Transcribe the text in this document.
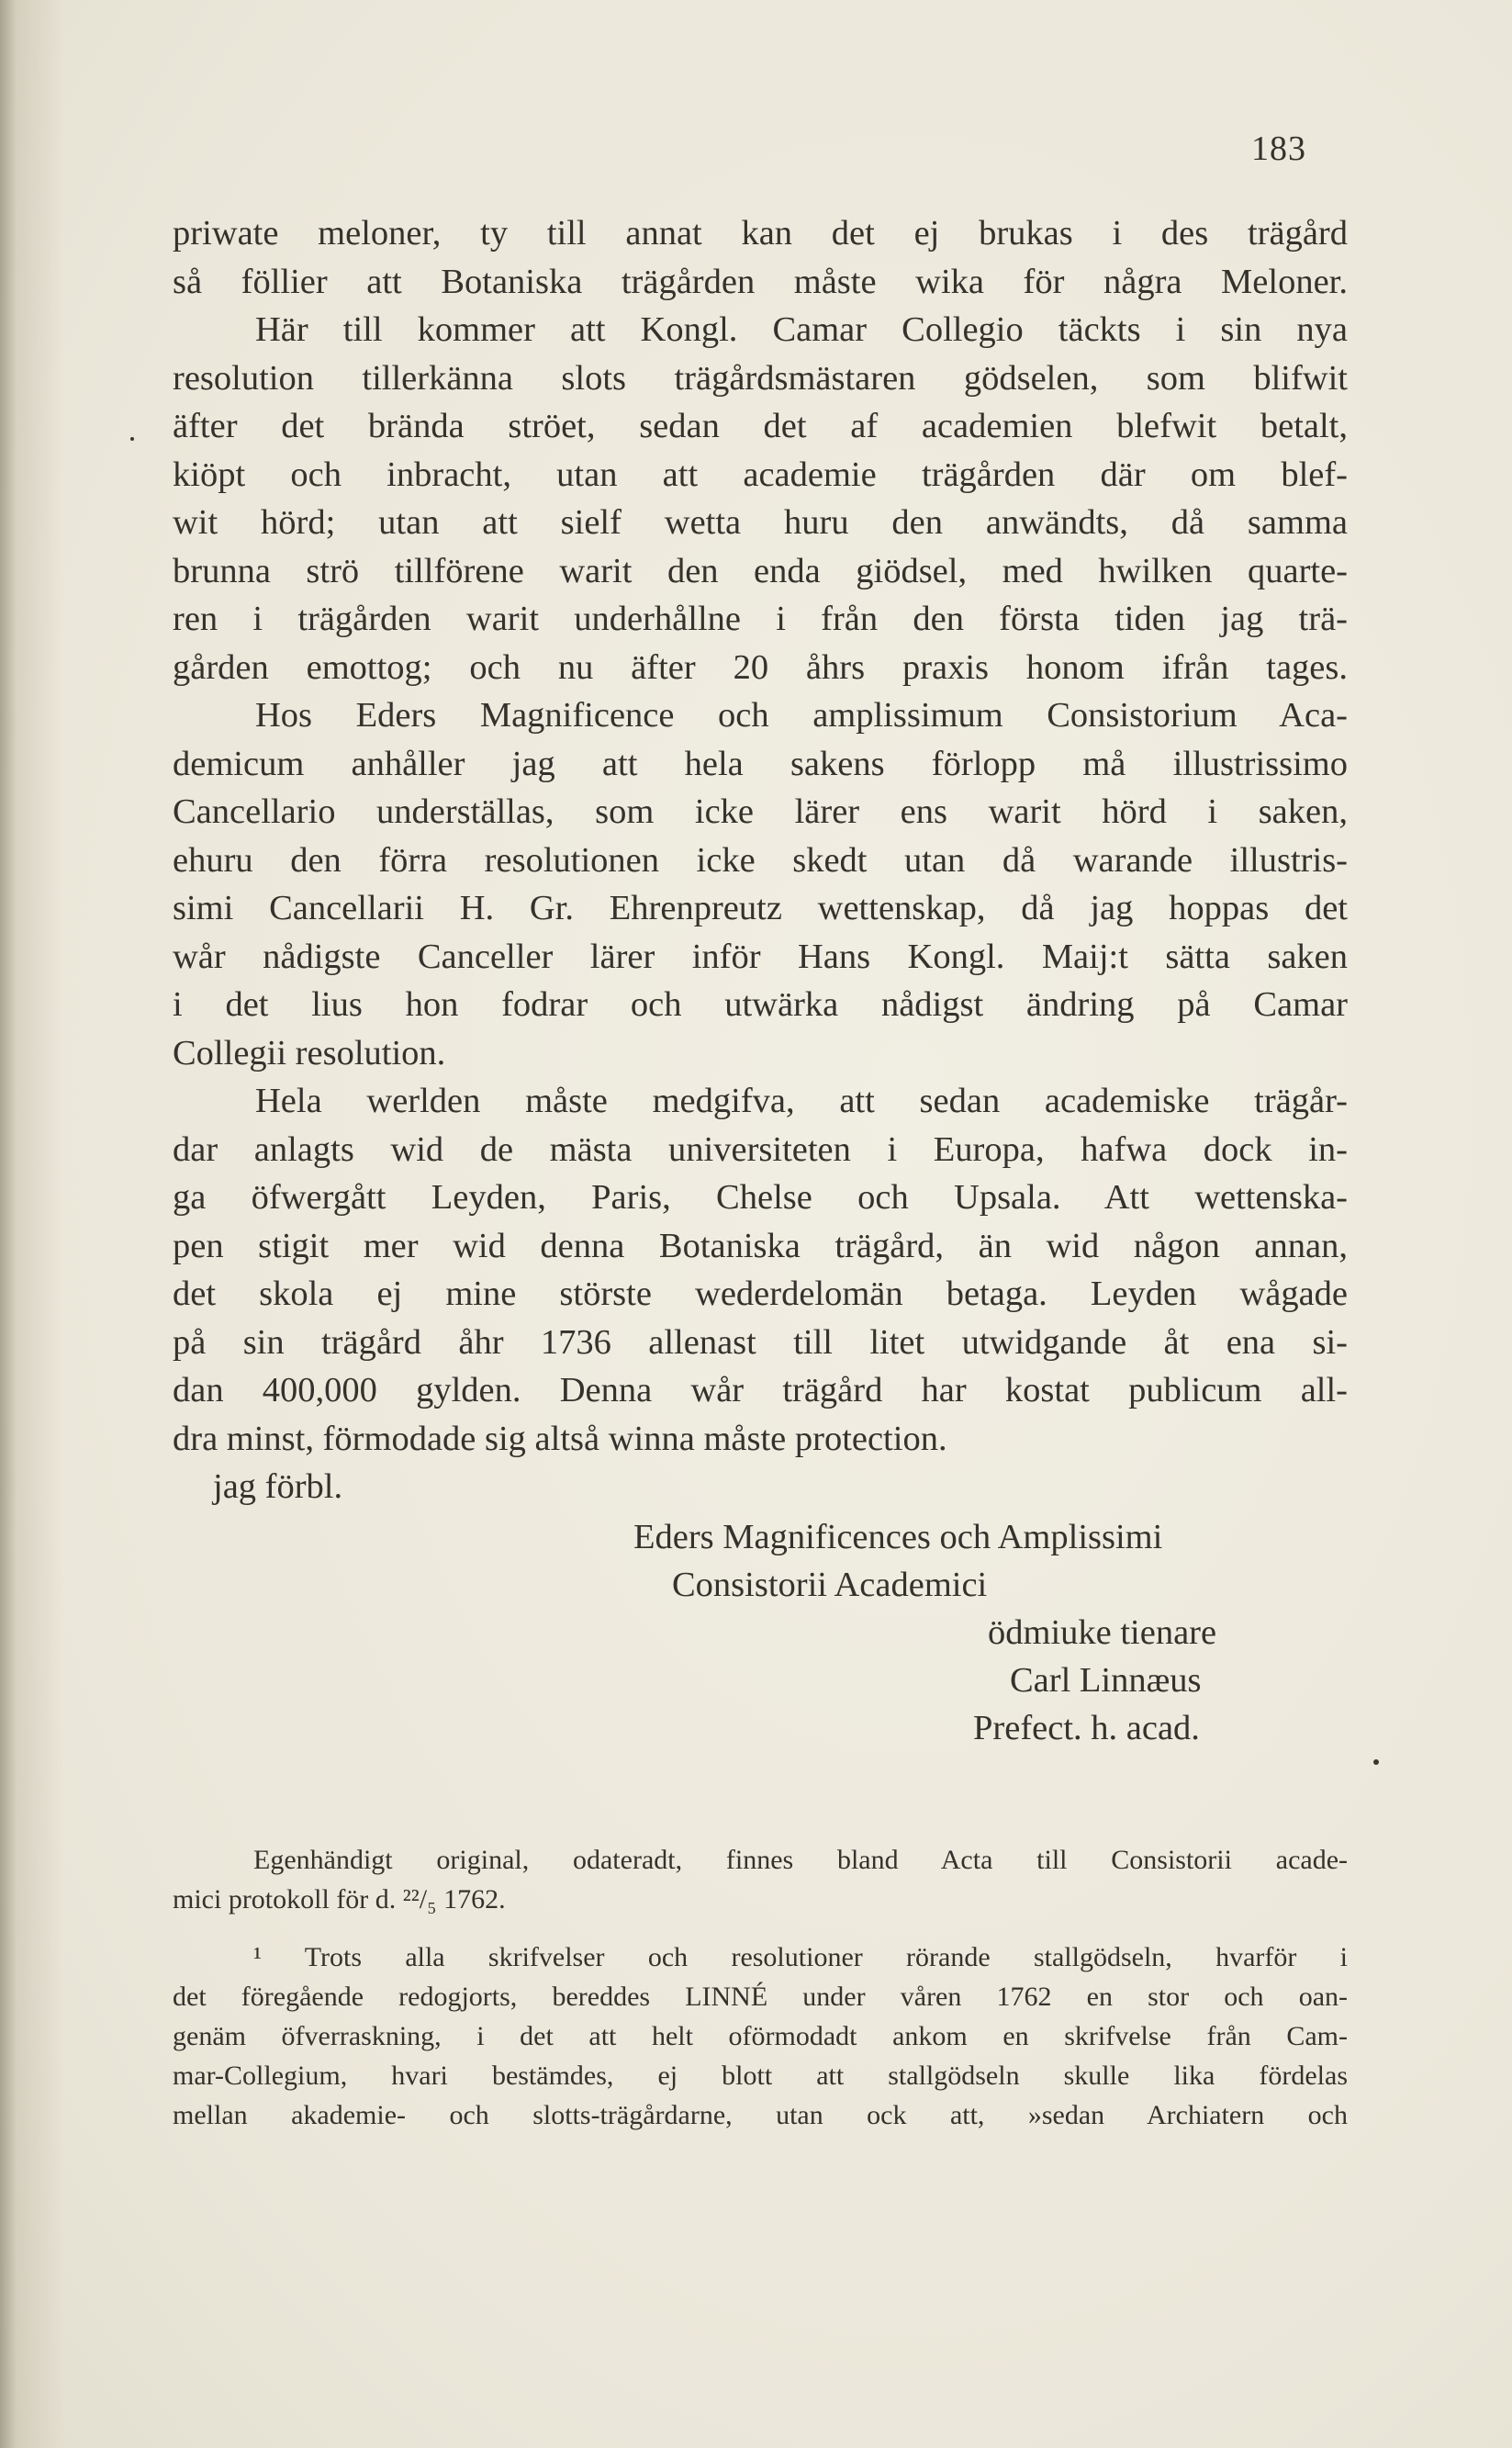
183
priwate meloner, ty till annat kan det ej brukas i des trägård
så föllier att Botaniska trägården måste wika för några Meloner.
Här till kommer att Kongl. Camar Collegio täckts i sin nya
resolution tillerkänna slots trägårdsmästaren gödselen, som blifwit
äfter det brända ströet, sedan det af academien blefwit betalt,
kiöpt och inbracht, utan att academie trägården där om blef-
wit hörd; utan att sielf wetta huru den anwändts, då samma
brunna strö tillförene warit den enda giödsel, med hwilken quarte-
ren i trägården warit underhållne i från den första tiden jag trä-
gården emottog; och nu äfter 20 åhrs praxis honom ifrån tages.
Hos Eders Magnificence och amplissimum Consistorium Aca-
demicum anhåller jag att hela sakens förlopp må illustrissimo
Cancellario underställas, som icke lärer ens warit hörd i saken,
ehuru den förra resolutionen icke skedt utan då warande illustris-
simi Cancellarii H. Gr. Ehrenpreutz wettenskap, då jag hoppas det
wår nådigste Canceller lärer inför Hans Kongl. Maij:t sätta saken
i det lius hon fodrar och utwärka nådigst ändring på Camar
Collegii resolution.
Hela werlden måste medgifva, att sedan academiske trägår-
dar anlagts wid de mästa universiteten i Europa, hafwa dock in-
ga öfwergått Leyden, Paris, Chelse och Upsala. Att wettenska-
pen stigit mer wid denna Botaniska trägård, än wid någon annan,
det skola ej mine störste wederdelomän betaga. Leyden wågade
på sin trägård åhr 1736 allenast till litet utwidgande åt ena si-
dan 400,000 gylden. Denna wår trägård har kostat publicum all-
dra minst, förmodade sig altså winna måste protection.
jag förbl.
Eders Magnificences och Amplissimi
Consistorii Academici
ödmiuke tienare
Carl Linnæus
Prefect. h. acad.
Egenhändigt original, odateradt, finnes bland Acta till Consistorii acade-
mici protokoll för d. ²²/₅ 1762.
¹ Trots alla skrifvelser och resolutioner rörande stallgödseln, hvarför i
det föregående redogjorts, bereddes LINNÉ under våren 1762 en stor och oan-
genäm öfverraskning, i det att helt oförmodadt ankom en skrifvelse från Cam-
mar-Collegium, hvari bestämdes, ej blott att stallgödseln skulle lika fördelas
mellan akademie- och slotts-trägårdarne, utan ock att, »sedan Archiatern och
